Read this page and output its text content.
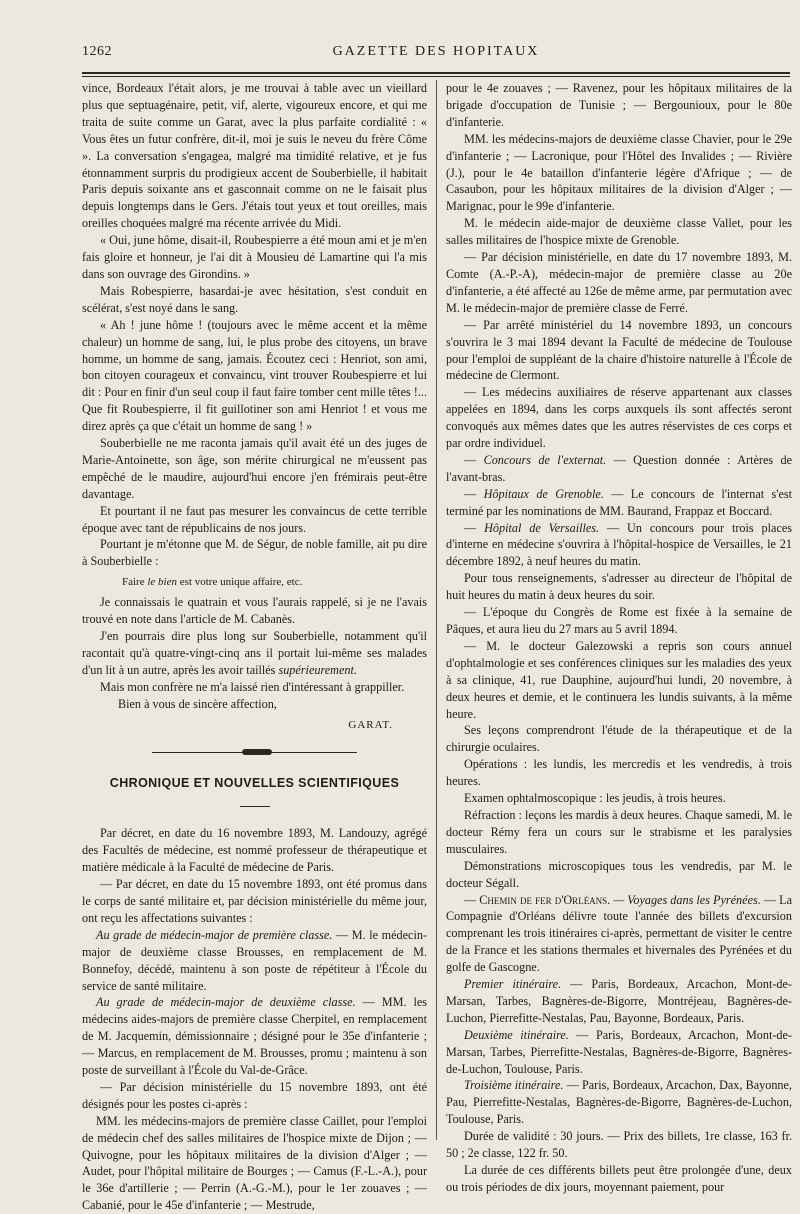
1262	GAZETTE DES HOPITAUX

vince, Bordeaux l'était alors, je me trouvai à table avec un vieillard plus que septuagénaire, petit, vif, alerte, vigoureux encore, et qui me traita de suite comme un Garat, avec la plus parfaite cordialité : « Vous êtes un futur confrère, dit-il, moi je suis le neveu du frère Côme ». La conversation s'engagea, malgré ma timidité relative, et je fus étonnamment surpris du prodigieux accent de Souberbielle, il habitait Paris depuis soixante ans et gasconnait comme on ne le faisait plus depuis longtemps dans le Gers. J'étais tout yeux et tout oreilles, mais oreilles choquées malgré ma récente arrivée du Midi.

« Oui, june hôme, disait-il, Roubespierre a été moun ami et je m'en fais gloire et honneur, je l'ai dit à Mousieu dé Lamartine qui l'a mis dans son ouvrage des Girondins. »

Mais Robespierre, hasardai-je avec hésitation, s'est conduit en scélérat, s'est noyé dans le sang.

« Ah ! june hôme ! (toujours avec le même accent et la même chaleur) un homme de sang, lui, le plus probe des citoyens, un brave homme, un homme de sang, jamais. Écoutez ceci : Henriot, son ami, bon citoyen courageux et convaincu, vint trouver Roubespierre et lui dit : Pour en finir d'un seul coup il faut faire tomber cent mille têtes !... Que fit Roubespierre, il fit guillotiner son ami Henriot ! et vous me direz après ça que c'était un homme de sang ! »

Souberbielle ne me raconta jamais qu'il avait été un des juges de Marie-Antoinette, son âge, son mérite chirurgical ne m'eussent pas empêché de le maudire, aujourd'hui encore j'en frémirais peut-être davantage.

Et pourtant il ne faut pas mesurer les convaincus de cette terrible époque avec tant de républicains de nos jours.

Pourtant je m'étonne que M. de Ségur, de noble famille, ait pu dire à Souberbielle :

Faire le bien est votre unique affaire, etc.

Je connaissais le quatrain et vous l'aurais rappelé, si je ne l'avais trouvé en note dans l'article de M. Cabanès.

J'en pourrais dire plus long sur Souberbielle, notamment qu'il racontait qu'à quatre-vingt-cinq ans il portait lui-même ses malades d'un lit à un autre, après les avoir taillés supérieurement.

Mais mon confrère ne m'a laissé rien d'intéressant à grappiller.

Bien à vous de sincère affection,

GARAT.

CHRONIQUE ET NOUVELLES SCIENTIFIQUES

Par décret, en date du 16 novembre 1893, M. Landouzy, agrégé des Facultés de médecine, est nommé professeur de thérapeutique et matière médicale à la Faculté de médecine de Paris.

— Par décret, en date du 15 novembre 1893, ont été promus dans le corps de santé militaire et, par décision ministérielle du même jour, ont reçu les affectations suivantes :

Au grade de médecin-major de première classe. — M. le médecin-major de deuxième classe Brousses, en remplacement de M. Bonnefoy, décédé, maintenu à son poste de répétiteur à l'École du service de santé militaire.

Au grade de médecin-major de deuxième classe. — MM. les médecins aides-majors de première classe Cherpitel, en remplacement de M. Jacquemin, démissionnaire ; désigné pour le 35e d'infanterie ; — Marcus, en remplacement de M. Brousses, promu ; maintenu à son poste de surveillant à l'École du Val-de-Grâce.

— Par décision ministérielle du 15 novembre 1893, ont été désignés pour les postes ci-après :

MM. les médecins-majors de première classe Caillet, pour l'emploi de médecin chef des salles militaires de l'hospice mixte de Dijon ; — Quivogne, pour les hôpitaux militaires de la division d'Alger ; — Audet, pour l'hôpital militaire de Bourges ; — Camus (F.-L.-A.), pour le 36e d'artillerie ; — Perrin (A.-G.-M.), pour le 1er zouaves ; — Cabanié, pour le 45e d'infanterie ; — Mestrude,

pour le 4e zouaves ; — Ravenez, pour les hôpitaux militaires de la brigade d'occupation de Tunisie ; — Bergounioux, pour le 80e d'infanterie.

MM. les médecins-majors de deuxième classe Chavier, pour le 29e d'infanterie ; — Lacronique, pour l'Hôtel des Invalides ; — Rivière (J.), pour le 4e bataillon d'infanterie légère d'Afrique ; — de Casaubon, pour les hôpitaux militaires de la division d'Alger ; — Marignac, pour le 99e d'infanterie.

M. le médecin aide-major de deuxième classe Vallet, pour les salles militaires de l'hospice mixte de Grenoble.

— Par décision ministérielle, en date du 17 novembre 1893, M. Comte (A.-P.-A), médecin-major de première classe au 20e d'infanterie, a été affecté au 126e de même arme, par permutation avec M. le médecin-major de première classe de Ferré.

— Par arrêté ministériel du 14 novembre 1893, un concours s'ouvrira le 3 mai 1894 devant la Faculté de médecine de Toulouse pour l'emploi de suppléant de la chaire d'histoire naturelle à l'École de médecine de Clermont.

— Les médecins auxiliaires de réserve appartenant aux classes appelées en 1894, dans les corps auxquels ils sont affectés seront convoqués aux mêmes dates que les autres réservistes de ces corps et par ordre individuel.

— Concours de l'externat. — Question donnée : Artères de l'avant-bras.

— Hôpitaux de Grenoble. — Le concours de l'internat s'est terminé par les nominations de MM. Baurand, Frappaz et Boccard.

— Hôpital de Versailles. — Un concours pour trois places d'interne en médecine s'ouvrira à l'hôpital-hospice de Versailles, le 21 décembre 1892, à neuf heures du matin.

Pour tous renseignements, s'adresser au directeur de l'hôpital de huit heures du matin à deux heures du soir.

— L'époque du Congrès de Rome est fixée à la semaine de Pâques, et aura lieu du 27 mars au 5 avril 1894.

— M. le docteur Galezowski a repris son cours annuel d'ophtalmologie et ses conférences cliniques sur les maladies des yeux à sa clinique, 41, rue Dauphine, aujourd'hui lundi, 20 novembre, à deux heures et demie, et le continuera les lundis suivants, à la même heure.

Ses leçons comprendront l'étude de la thérapeutique et de la chirurgie oculaires.

Opérations : les lundis, les mercredis et les vendredis, à trois heures.

Examen ophtalmoscopique : les jeudis, à trois heures.

Réfraction : leçons les mardis à deux heures. Chaque samedi, M. le docteur Rémy fera un cours sur le strabisme et les paralysies musculaires.

Démonstrations microscopiques tous les vendredis, par M. le docteur Ségall.

— Chemin de fer d'Orléans. — Voyages dans les Pyrénées. — La Compagnie d'Orléans délivre toute l'année des billets d'excursion comprenant les trois itinéraires ci-après, permettant de visiter le centre de la France et les stations thermales et hivernales des Pyrénées et du golfe de Gascogne.

Premier itinéraire. — Paris, Bordeaux, Arcachon, Mont-de-Marsan, Tarbes, Bagnères-de-Bigorre, Montréjeau, Bagnères-de-Luchon, Pierrefitte-Nestalas, Pau, Bayonne, Bordeaux, Paris.

Deuxième itinéraire. — Paris, Bordeaux, Arcachon, Mont-de-Marsan, Tarbes, Pierrefitte-Nestalas, Bagnères-de-Bigorre, Bagnères-de-Luchon, Toulouse, Paris.

Troisième itinéraire. — Paris, Bordeaux, Arcachon, Dax, Bayonne, Pau, Pierrefitte-Nestalas, Bagnères-de-Bigorre, Bagnères-de-Luchon, Toulouse, Paris.

Durée de validité : 30 jours. — Prix des billets, 1re classe, 163 fr. 50 ; 2e classe, 122 fr. 50.

La durée de ces différents billets peut être prolongée d'une, deux ou trois périodes de dix jours, moyennant paiement, pour
